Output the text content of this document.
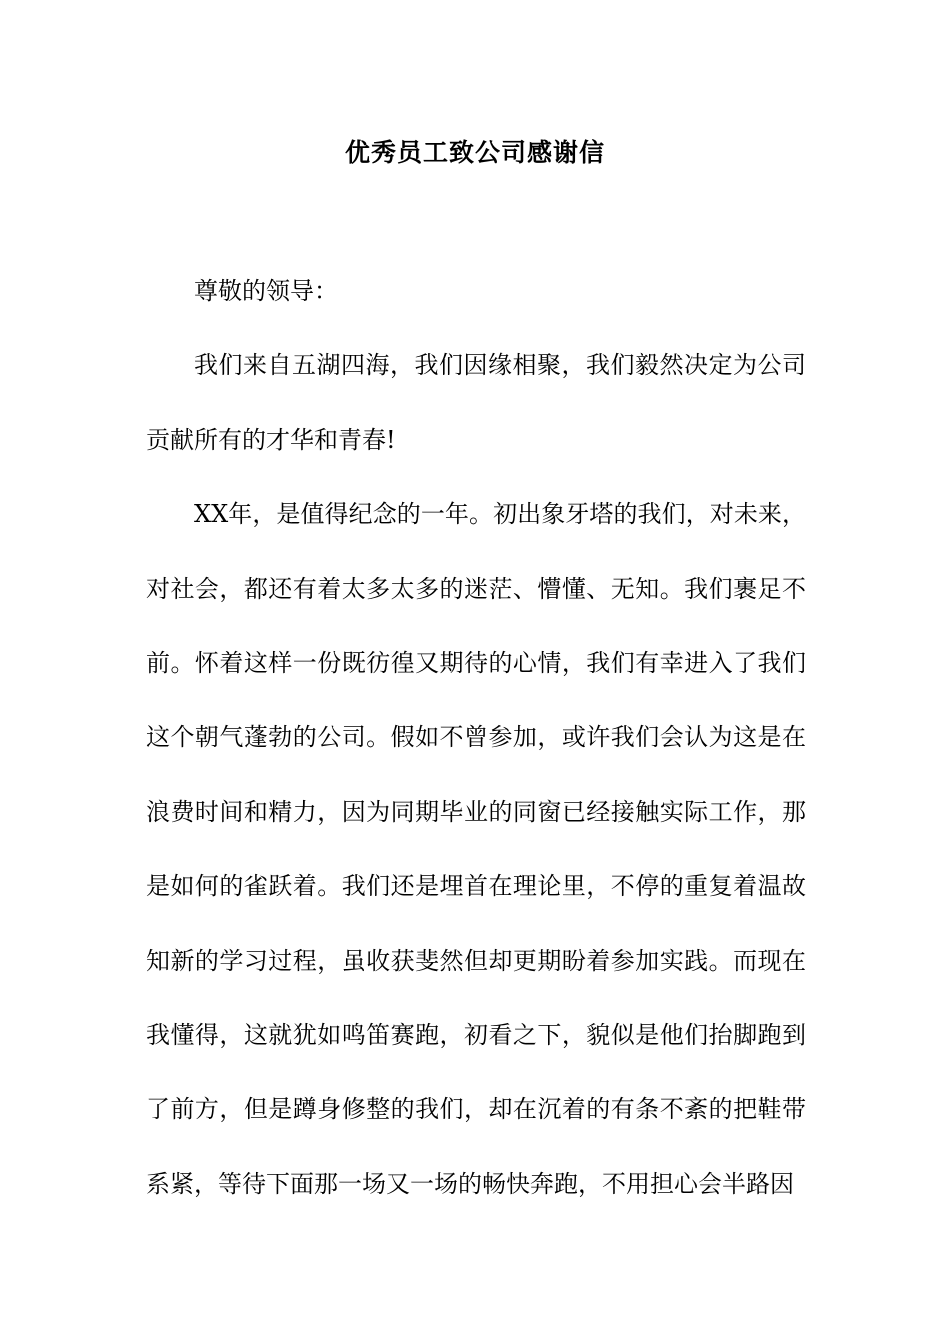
优秀员工致公司感谢信

尊敬的领导：

我们来自五湖四海，我们因缘相聚，我们毅然决定为公司贡献所有的才华和青春!

XX年，是值得纪念的一年。初出象牙塔的我们，对未来，对社会，都还有着太多太多的迷茫、懵懂、无知。我们裹足不前。怀着这样一份既彷徨又期待的心情，我们有幸进入了我们这个朝气蓬勃的公司。假如不曾参加，或许我们会认为这是在浪费时间和精力，因为同期毕业的同窗已经接触实际工作，那是如何的雀跃着。我们还是埋首在理论里，不停的重复着温故知新的学习过程，虽收获斐然但却更期盼着参加实践。而现在我懂得，这就犹如鸣笛赛跑，初看之下，貌似是他们抬脚跑到了前方，但是蹲身修整的我们，却在沉着的有条不紊的把鞋带系紧，等待下面那一场又一场的畅快奔跑，不用担心会半路因
